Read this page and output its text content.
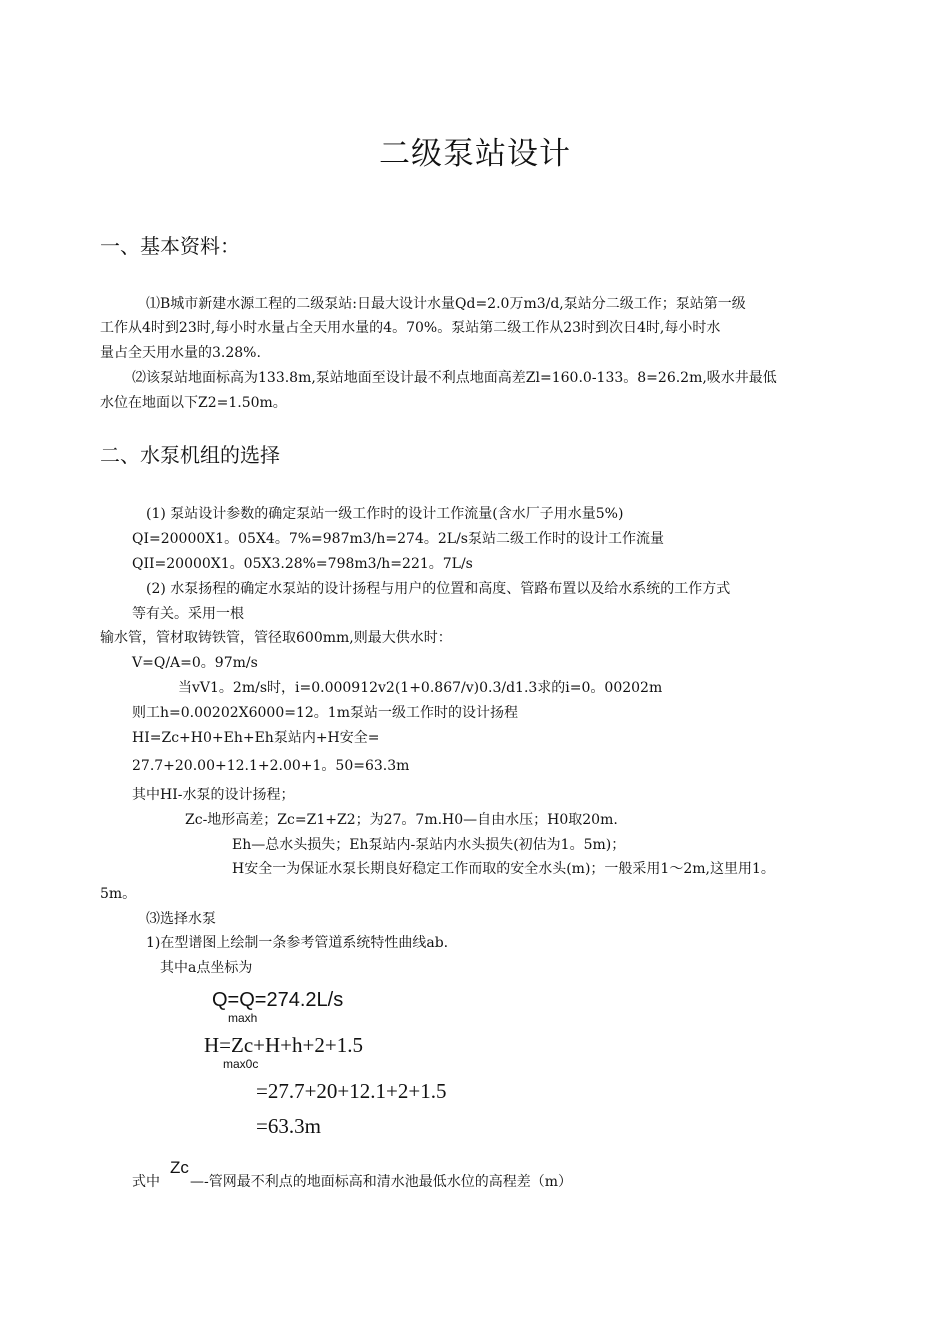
二级泵站设计
一、基本资料：
⑴B城市新建水源工程的二级泵站:日最大设计水量Qd=2.0万m3/d,泵站分二级工作；泵站第一级
工作从4时到23时,每小时水量占全天用水量的4。70%。泵站第二级工作从23时到次日4时,每小时水
量占全天用水量的3.28%.
⑵该泵站地面标高为133.8m,泵站地面至设计最不利点地面高差Zl=160.0-133。8=26.2m,吸水井最低
水位在地面以下Z2=1.50m。
二、水泵机组的选择
(1) 泵站设计参数的确定泵站一级工作时的设计工作流量(含水厂子用水量5%)
QⅠ=20000X1。05X4。7%=987m3/h=274。2L/s泵站二级工作时的设计工作流量
QII=20000X1。05X3.28%=798m3/h=221。7L/s
(2) 水泵扬程的确定水泵站的设计扬程与用户的位置和高度、管路布置以及给水系统的工作方式
等有关。采用一根
输水管，管材取铸铁管，管径取600mm,则最大供水时：
V=Q/A=0。97m/s
当vⅤ1。2m/s时，i=0.000912v2(1+0.867/v)0.3/d1.3求的i=0。00202m
则工h=0.00202X6000=12。1m泵站一级工作时的设计扬程
HⅠ=Zc+H0+Eh+Eh泵站内+H安全=
27.7+20.00+12.1+2.00+1。50=63.3m
其中HⅠ-水泵的设计扬程；
Zc-地形高差；Zc=Z1+Z2；为27。7m.H0—自由水压；H0取20m.
Eh—总水头损失；Eh泵站内-泵站内水头损失(初估为1。5m)；
H安全一为保证水泵长期良好稳定工作而取的安全水头(m)；一般采用1〜2m,这里用1。
5m。
⑶选择水泵
1)在型谱图上绘制一条参考管道系统特性曲线ab.
其中a点坐标为
Q=Q=274.2L/s
maxh
H=Zc+H+h+2+1.5
max0c
=27.7+20+12.1+2+1.5
=63.3m
式中
Zc
—-管网最不利点的地面标高和清水池最低水位的高程差（m）
